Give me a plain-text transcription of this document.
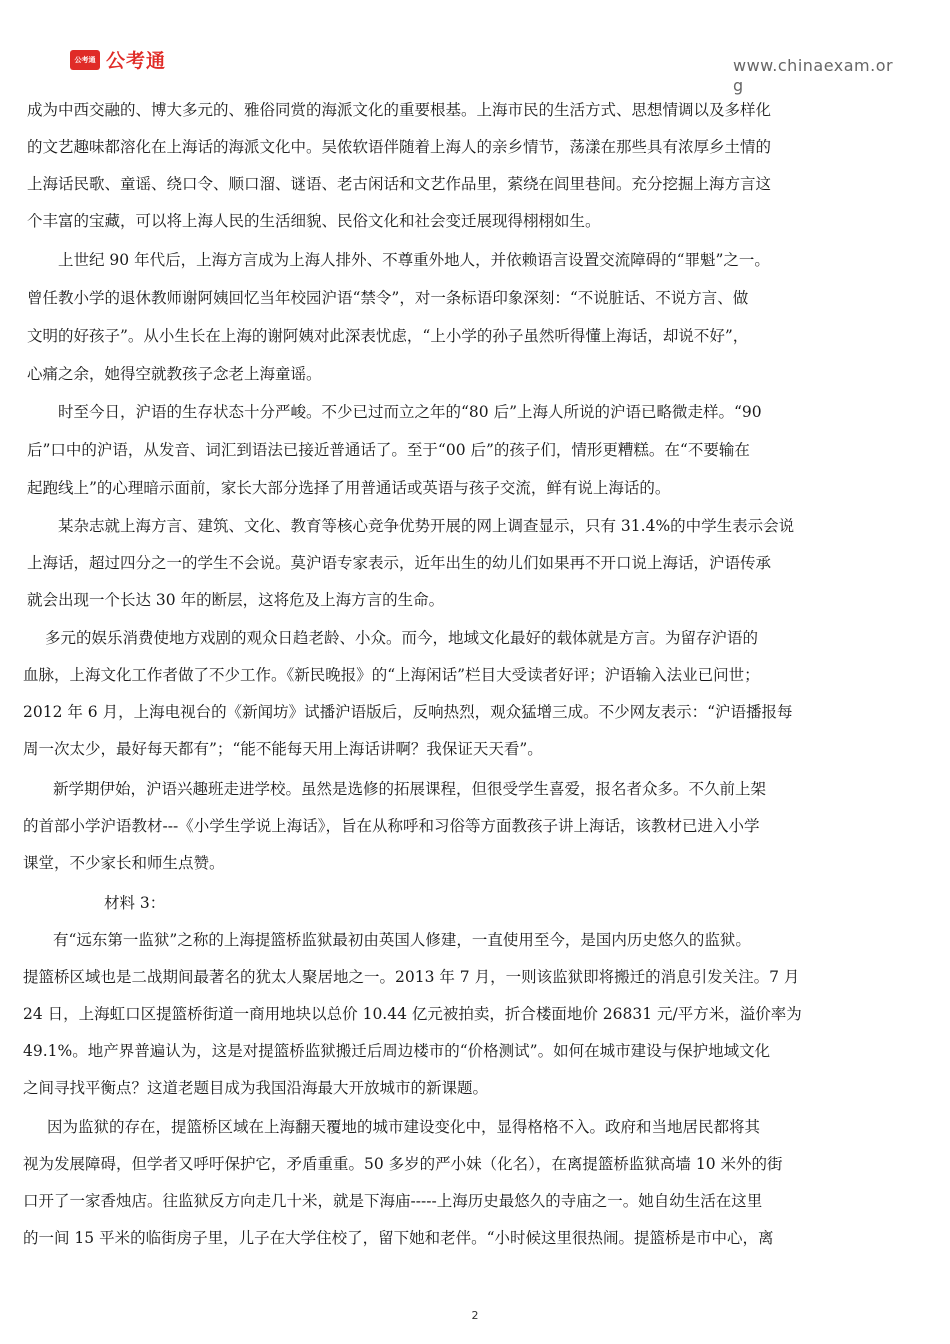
公考通 公考通	www.chinaexam.org
成为中西交融的、博大多元的、雅俗同赏的海派文化的重要根基。上海市民的生活方式、思想情调以及多样化
的文艺趣味都溶化在上海话的海派文化中。吴侬软语伴随着上海人的亲乡情节，荡漾在那些具有浓厚乡土情的
上海话民歌、童谣、绕口令、顺口溜、谜语、老古闲话和文艺作品里，萦绕在闾里巷间。充分挖掘上海方言这
个丰富的宝藏，可以将上海人民的生活细貌、民俗文化和社会变迁展现得栩栩如生。
上世纪 90 年代后，上海方言成为上海人排外、不尊重外地人，并依赖语言设置交流障碍的“罪魁”之一。
曾任教小学的退休教师谢阿姨回忆当年校园沪语“禁令”，对一条标语印象深刻：“不说脏话、不说方言、做
文明的好孩子”。从小生长在上海的谢阿姨对此深表忧虑，“上小学的孙子虽然听得懂上海话，却说不好”，
心痛之余，她得空就教孩子念老上海童谣。
时至今日，沪语的生存状态十分严峻。不少已过而立之年的“80 后”上海人所说的沪语已略微走样。“90
后”口中的沪语，从发音、词汇到语法已接近普通话了。至于“00 后”的孩子们，情形更糟糕。在“不要输在
起跑线上”的心理暗示面前，家长大部分选择了用普通话或英语与孩子交流，鲜有说上海话的。
某杂志就上海方言、建筑、文化、教育等核心竞争优势开展的网上调查显示，只有 31.4%的中学生表示会说
上海话，超过四分之一的学生不会说。莫沪语专家表示，近年出生的幼儿们如果再不开口说上海话，沪语传承
就会出现一个长达 30 年的断层，这将危及上海方言的生命。
多元的娱乐消费使地方戏剧的观众日趋老龄、小众。而今，地域文化最好的载体就是方言。为留存沪语的
血脉，上海文化工作者做了不少工作。《新民晚报》的“上海闲话”栏目大受读者好评；沪语输入法业已问世；
2012 年 6 月，上海电视台的《新闻坊》试播沪语版后，反响热烈，观众猛增三成。不少网友表示：“沪语播报每
周一次太少，最好每天都有”；“能不能每天用上海话讲啊？我保证天天看”。
新学期伊始，沪语兴趣班走进学校。虽然是选修的拓展课程，但很受学生喜爱，报名者众多。不久前上架
的首部小学沪语教材---《小学生学说上海话》，旨在从称呼和习俗等方面教孩子讲上海话，该教材已进入小学
课堂，不少家长和师生点赞。
材料 3：
有“远东第一监狱”之称的上海提篮桥监狱最初由英国人修建，一直使用至今，是国内历史悠久的监狱。
提篮桥区域也是二战期间最著名的犹太人聚居地之一。2013 年 7 月，一则该监狱即将搬迁的消息引发关注。7 月
24 日，上海虹口区提篮桥街道一商用地块以总价 10.44 亿元被拍卖，折合楼面地价 26831 元/平方米，溢价率为
49.1%。地产界普遍认为，这是对提篮桥监狱搬迁后周边楼市的“价格测试”。如何在城市建设与保护地域文化
之间寻找平衡点？这道老题目成为我国沿海最大开放城市的新课题。
因为监狱的存在，提篮桥区域在上海翻天覆地的城市建设变化中，显得格格不入。政府和当地居民都将其
视为发展障碍，但学者又呼吁保护它，矛盾重重。50 多岁的严小妹（化名），在离提篮桥监狱高墙 10 米外的街
口开了一家香烛店。往监狱反方向走几十米，就是下海庙-----上海历史最悠久的寺庙之一。她自幼生活在这里
的一间 15 平米的临街房子里，儿子在大学住校了，留下她和老伴。“小时候这里很热闹。提篮桥是市中心，离
2
